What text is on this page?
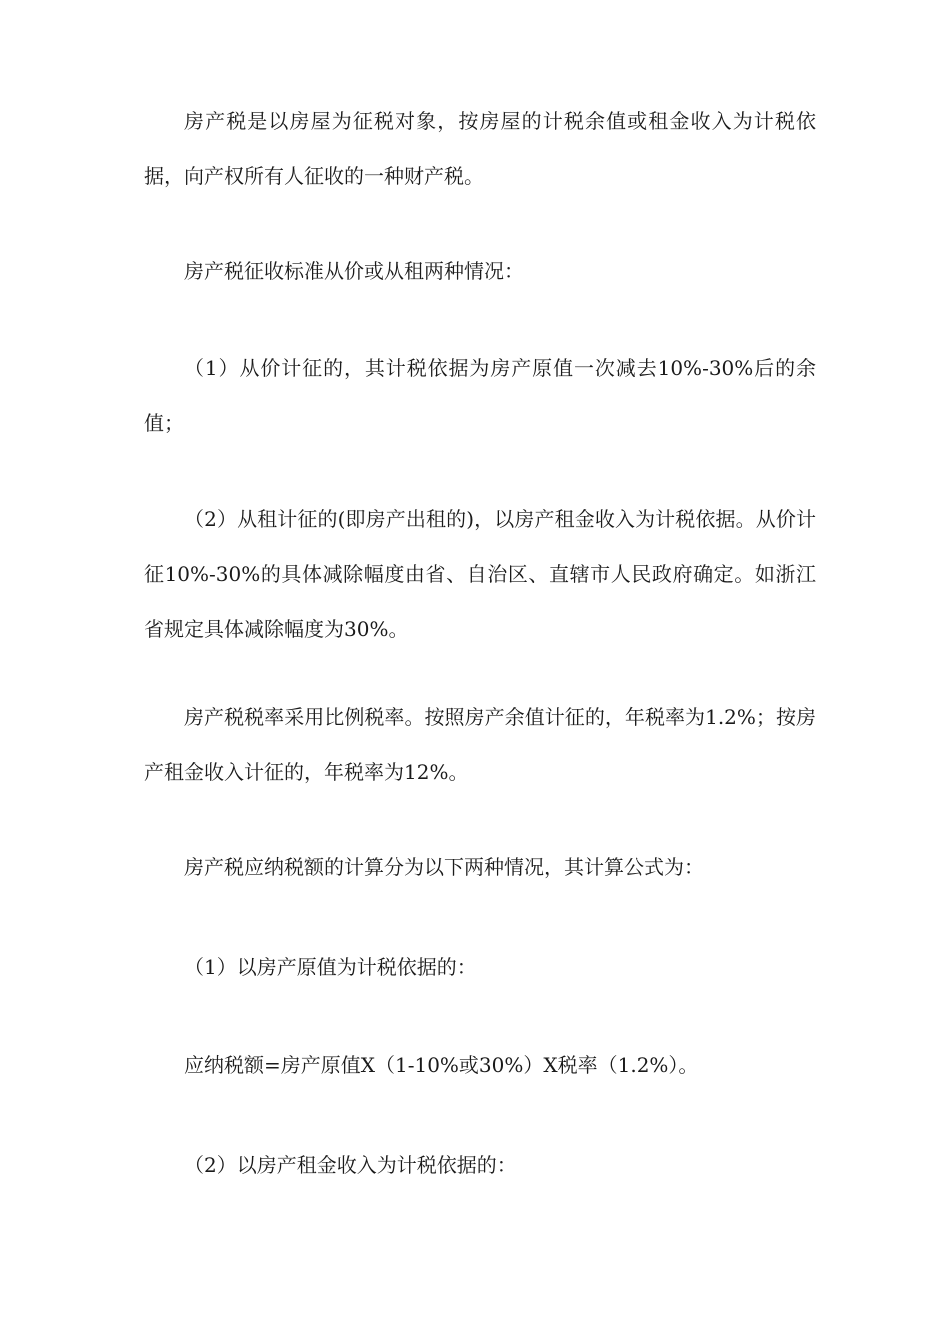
房产税是以房屋为征税对象，按房屋的计税余值或租金收入为计税依据，向产权所有人征收的一种财产税。

房产税征收标准从价或从租两种情况：

（1）从价计征的，其计税依据为房产原值一次减去10%-30%后的余值；

（2）从租计征的(即房产出租的)，以房产租金收入为计税依据。从价计征10%-30%的具体减除幅度由省、自治区、直辖市人民政府确定。如浙江省规定具体减除幅度为30%。

房产税税率采用比例税率。按照房产余值计征的，年税率为1.2%；按房产租金收入计征的，年税率为12%。

房产税应纳税额的计算分为以下两种情况，其计算公式为：

（1）以房产原值为计税依据的：

应纳税额=房产原值X（1-10%或30%）X税率（1.2%）。

（2）以房产租金收入为计税依据的：
